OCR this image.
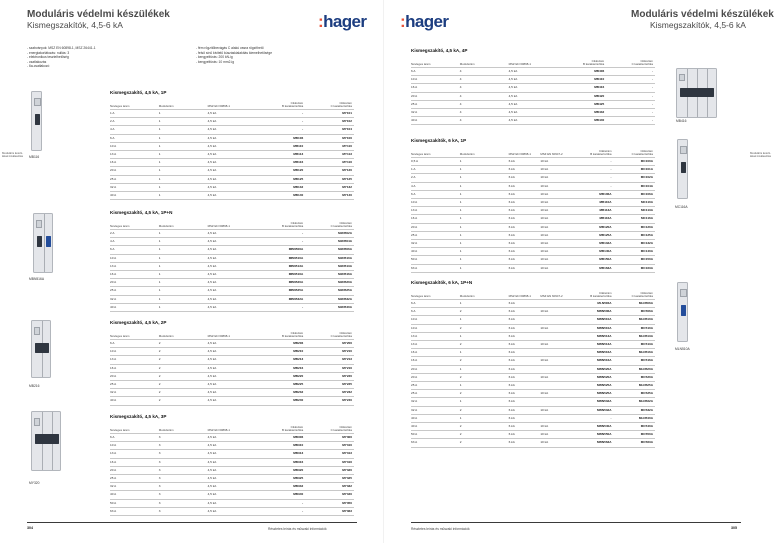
Moduláris védelmi készülékek
Kismegszakítók, 4,5-6 kA	:hager
- szabványok: MSZ EN 60898-1, MSZ 26441-1
- energiakorlátozás: nullás: 3
- elektronikus tesztelhetőség
- csatlakozás
- 6a-csatlakozó
- fém rögzítőbevágás C alakú vasra rögzíthető
- felső sínű kivitelű kúszáskialakítás kiemelhetősége
- kengyelfúrás: 200 kN-ig
- kengyelfúrás: 10 mm2-ig
Moduláris készü-
lékek kiválasztás MB116
MBN516A
MB216
MY320
Kismegszakító, 4,5 kA, 1P
Névleges áram	Modulszám	MSZ EN 60898-1	Cikkszám
B karakterisztika	Cikkszám
C karakterisztika
1 A	1	4,5 kA	-	MY101
2 A	1	4,5 kA	-	MY102
4 A	1	4,5 kA	-	MY104
6 A	1	4,5 kA	MB106	MY106
10 A	1	4,5 kA	MB110	MY110
13 A	1	4,5 kA	MB113	MY113
16 A	1	4,5 kA	MB116	MY116
20 A	1	4,5 kA	MB120	MY120
25 A	1	4,5 kA	MB125	MY125
32 A	1	4,5 kA	MB132	MY132
40 A	1	4,5 kA	MB140	MY140
Kismegszakító, 4,5 kA, 1P+N
Névleges áram	Modulszám	MSZ EN 60898-1	Cikkszám
B karakterisztika	Cikkszám
C karakterisztika
2 A	1	4,5 kA	-	MJN502A
4 A	1	4,5 kA	-	MJN504A
6 A	1	4,5 kA	MBN506A	MJN506A
10 A	1	4,5 kA	MBN510A	MJN510A
13 A	1	4,5 kA	MBN513A	MJN513A
16 A	1	4,5 kA	MBN516A	MJN516A
20 A	1	4,5 kA	MBN520A	MJN520A
25 A	1	4,5 kA	MBN525A	MJN525A
32 A	1	4,5 kA	MBN532A	MJN532A
40 A	1	4,5 kA	-	MJN540A
Kismegszakító, 4,5 kA, 2P
Névleges áram	Modulszám	MSZ EN 60898-1	Cikkszám
B karakterisztika	Cikkszám
C karakterisztika
6 A	2	4,5 kA	MB206	MY206
10 A	2	4,5 kA	MB210	MY210
13 A	2	4,5 kA	MB213	MY213
16 A	2	4,5 kA	MB216	MY216
20 A	2	4,5 kA	MB220	MY220
25 A	2	4,5 kA	MB225	MY225
32 A	2	4,5 kA	MB232	MY232
40 A	2	4,5 kA	MB240	MY240
Kismegszakító, 4,5 kA, 3P
Névleges áram	Modulszám	MSZ EN 60898-1	Cikkszám
B karakterisztika	Cikkszám
C karakterisztika
6 A	3	4,5 kA	MB306	MY306
10 A	3	4,5 kA	MB310	MY310
13 A	3	4,5 kA	MB313	MY313
16 A	3	4,5 kA	MB316	MY316
20 A	3	4,5 kA	MB320	MY320
25 A	3	4,5 kA	MB325	MY325
32 A	3	4,5 kA	MB332	MY332
40 A	3	4,5 kA	MB340	MY340
50 A	3	4,5 kA	-	MY350
63 A	3	4,5 kA	-	MY363
304	Részletes leírás és műszaki információk
:hager	Moduláris védelmi készülékek
Kismegszakítók, 4,5-6 kA
Moduláris készü-
lékek kiválasztás
MB416
MC116A
MLN510A
Kismegszakító, 4,5 kA, 4P
Névleges áram	Modulszám	MSZ EN 60898-1	Cikkszám
B karakterisztika	Cikkszám
C karakterisztika
6 A	4	4,5 kA	MB406	-
10 A	4	4,5 kA	MB410	-
16 A	4	4,5 kA	MB416	-
20 A	4	4,5 kA	MB420	-
25 A	4	4,5 kA	MB425	-
32 A	4	4,5 kA	MB432	-
40 A	4	4,5 kA	MB440	-
Kismegszakítók, 6 kA, 1P
Névleges áram	Modulszám	MSZ EN 60898-1	MSZ EN 60947-2	Cikkszám
B karakterisztika	Cikkszám
C karakterisztika
0,5 A	1	6 kA	10 kA	-	MC100A
1 A	1	6 kA	10 kA	-	MC101A
2 A	1	6 kA	10 kA	-	MC102A
4 A	1	6 kA	10 kA	-	MC104A
6 A	1	6 kA	10 kA	MB106A	MC106A
10 A	1	6 kA	10 kA	MB110A	MC110A
13 A	1	6 kA	10 kA	MB113A	MC113A
16 A	1	6 kA	10 kA	MB116A	MC116A
20 A	1	6 kA	10 kA	MB120A	MC120A
25 A	1	6 kA	10 kA	MB125A	MC125A
32 A	1	6 kA	10 kA	MB132A	MC132A
40 A	1	6 kA	10 kA	MB140A	MC140A
50 A	1	6 kA	10 kA	MB150A	MC150A
63 A	1	6 kA	10 kA	MB163A	MC163A
Kismegszakítók, 6 kA, 1P+N
Névleges áram	Modulszám	MSZ EN 60898-1	MSZ EN 60947-2	Cikkszám
B karakterisztika	Cikkszám
C karakterisztika
6 A	1	6 kA		MLN506A	MLN506A
6 A	2	6 kA	10 kA	MBN506A	MC506A
10 A	1	6 kA		MBN510A	MLN510A
10 A	2	6 kA	10 kA	MBN510A	MC510A
13 A	1	6 kA		MBN513A	MLN513A
13 A	2	6 kA	10 kA	MBN513A	MC513A
16 A	1	6 kA		MBN516A	MLN516A
16 A	2	6 kA	10 kA	MBN516A	MC516A
20 A	1	6 kA		MBN520A	MLN520A
20 A	2	6 kA	10 kA	MBN520A	MC520A
25 A	1	6 kA		MBN525A	MLN525A
25 A	2	6 kA	10 kA	MBN525A	MC525A
32 A	1	6 kA		MBN532A	MLN532A
32 A	2	6 kA	10 kA	MBN532A	MC532A
40 A	1	6 kA		-	MLN540A
40 A	2	6 kA	10 kA	MBN540A	MC540A
50 A	2	6 kA	10 kA	MBN550A	MC550A
63 A	2	6 kA	10 kA	MBN563A	MC563A
Részletes leírás és műszaki információk	305
